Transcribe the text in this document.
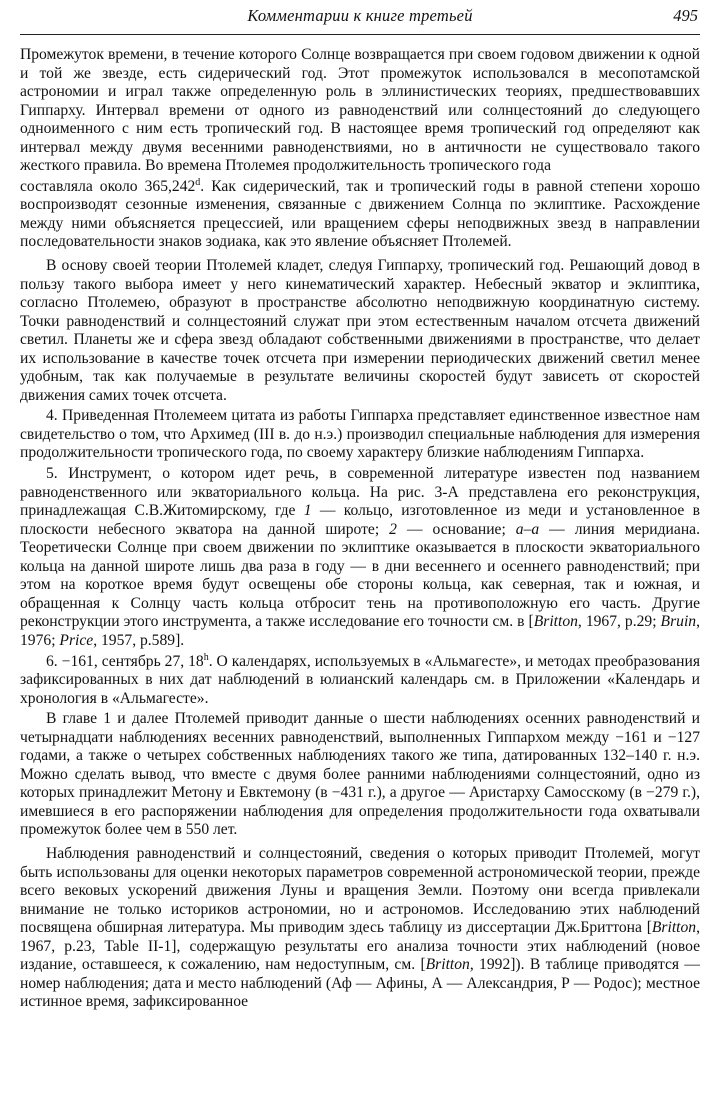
Комментарии к книге третьей	495

Промежуток времени, в течение которого Солнце возвращается при своем годовом движении к одной и той же звезде, есть сидерический год. Этот промежуток использовался в месопотамской астрономии и играл также определенную роль в эллинистических теориях, предшествовавших Гиппарху. Интервал времени от одного из равноденствий или солнцестояний до следующего одноименного с ним есть тропический год. В настоящее время тропический год определяют как интервал между двумя весенними равноденствиями, но в античности не существовало такого жесткого правила. Во времена Птолемея продолжительность тропического года

составляла около 365,242$^d$. Как сидерический, так и тропический годы в равной степени хорошо воспроизводят сезонные изменения, связанные с движением Солнца по эклиптике. Расхождение между ними объясняется прецессией, или вращением сферы неподвижных звезд в направлении последовательности знаков зодиака, как это явление объясняет Птолемей.

В основу своей теории Птолемей кладет, следуя Гиппарху, тропический год. Решающий довод в пользу такого выбора имеет у него кинематический характер. Небесный экватор и эклиптика, согласно Птолемею, образуют в пространстве абсолютно неподвижную координатную систему. Точки равноденствий и солнцестояний служат при этом естественным началом отсчета движений светил. Планеты же и сфера звезд обладают собственными движениями в пространстве, что делает их использование в качестве точек отсчета при измерении периодических движений светил менее удобным, так как получаемые в результате величины скоростей будут зависеть от скоростей движения самих точек отсчета.

4. Приведенная Птолемеем цитата из работы Гиппарха представляет единственное известное нам свидетельство о том, что Архимед (III в. до н.э.) производил специальные наблюдения для измерения продолжительности тропического года, по своему характеру близкие наблюдениям Гиппарха.

5. Инструмент, о котором идет речь, в современной литературе известен под названием равноденственного или экваториального кольца. На рис. 3-А представлена его реконструкция, принадлежащая С.В.Житомирскому, где 1 — кольцо, изготовленное из меди и установленное в плоскости небесного экватора на данной широте; 2 — основание; a–a — линия меридиана. Теоретически Солнце при своем движении по эклиптике оказывается в плоскости экваториального кольца на данной широте лишь два раза в году — в дни весеннего и осеннего равноденствий; при этом на короткое время будут освещены обе стороны кольца, как северная, так и южная, и обращенная к Солнцу часть кольца отбросит тень на противоположную его часть. Другие реконструкции этого инструмента, а также исследование его точности см. в [Britton, 1967, p.29; Bruin, 1976; Price, 1957, p.589].

6. −161, сентябрь 27, 18$^h$. О календарях, используемых в «Альмагесте», и методах преобразования зафиксированных в них дат наблюдений в юлианский календарь см. в Приложении «Календарь и хронология в «Альмагесте».

В главе 1 и далее Птолемей приводит данные о шести наблюдениях осенних равноденствий и четырнадцати наблюдениях весенних равноденствий, выполненных Гиппархом между −161 и −127 годами, а также о четырех собственных наблюдениях такого же типа, датированных 132–140 г. н.э. Можно сделать вывод, что вместе с двумя более ранними наблюдениями солнцестояний, одно из которых принадлежит Метону и Евктемону (в −431 г.), а другое — Аристарху Самосскому (в −279 г.), имевшиеся в его распоряжении наблюдения для определения продолжительности года охватывали промежуток более чем в 550 лет.

Наблюдения равноденствий и солнцестояний, сведения о которых приводит Птолемей, могут быть использованы для оценки некоторых параметров современной астрономической теории, прежде всего вековых ускорений движения Луны и вращения Земли. Поэтому они всегда привлекали внимание не только историков астрономии, но и астрономов. Исследованию этих наблюдений посвящена обширная литература. Мы приводим здесь таблицу из диссертации Дж.Бриттона [Britton, 1967, p.23, Table II-1], содержащую результаты его анализа точности этих наблюдений (новое издание, оставшееся, к сожалению, нам недоступным, см. [Britton, 1992]). В таблице приводятся — номер наблюдения; дата и место наблюдений (Аф — Афины, А — Александрия, Р — Родос); местное истинное время, зафиксированное
